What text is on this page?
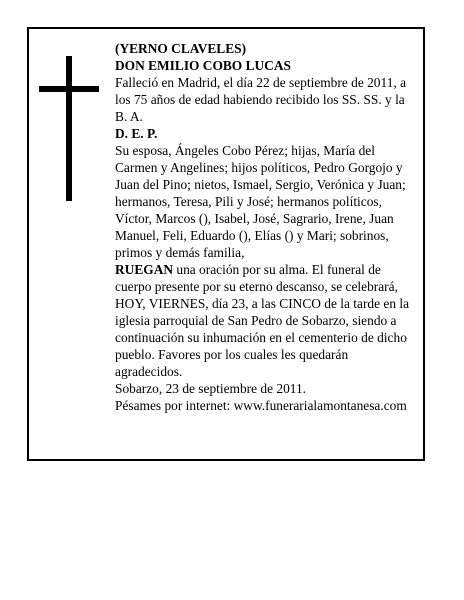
(YERNO CLAVELES)
DON EMILIO COBO LUCAS
Falleció en Madrid, el día 22 de septiembre de 2011, a
los 75 años de edad habiendo recibido los SS. SS. y la
B. A.
D. E. P.
Su esposa, Ángeles Cobo Pérez; hijas, María del
Carmen y Angelines; hijos políticos, Pedro Gorgojo y
Juan del Pino; nietos, Ismael, Sergio, Verónica y Juan;
hermanos, Teresa, Pili y José; hermanos políticos,
Víctor, Marcos (), Isabel, José, Sagrario, Irene, Juan
Manuel, Feli, Eduardo (), Elías () y Mari; sobrinos,
primos y demás familia,
RUEGAN una oración por su alma. El funeral de
cuerpo presente por su eterno descanso, se celebrará,
HOY, VIERNES, día 23, a las CINCO de la tarde en la
iglesia parroquial de San Pedro de Sobarzo, siendo a
continuación su inhumación en el cementerio de dicho
pueblo. Favores por los cuales les quedarán
agradecidos.
Sobarzo, 23 de septiembre de 2011.
Pésames por internet: www.funerarialamontanesa.com
